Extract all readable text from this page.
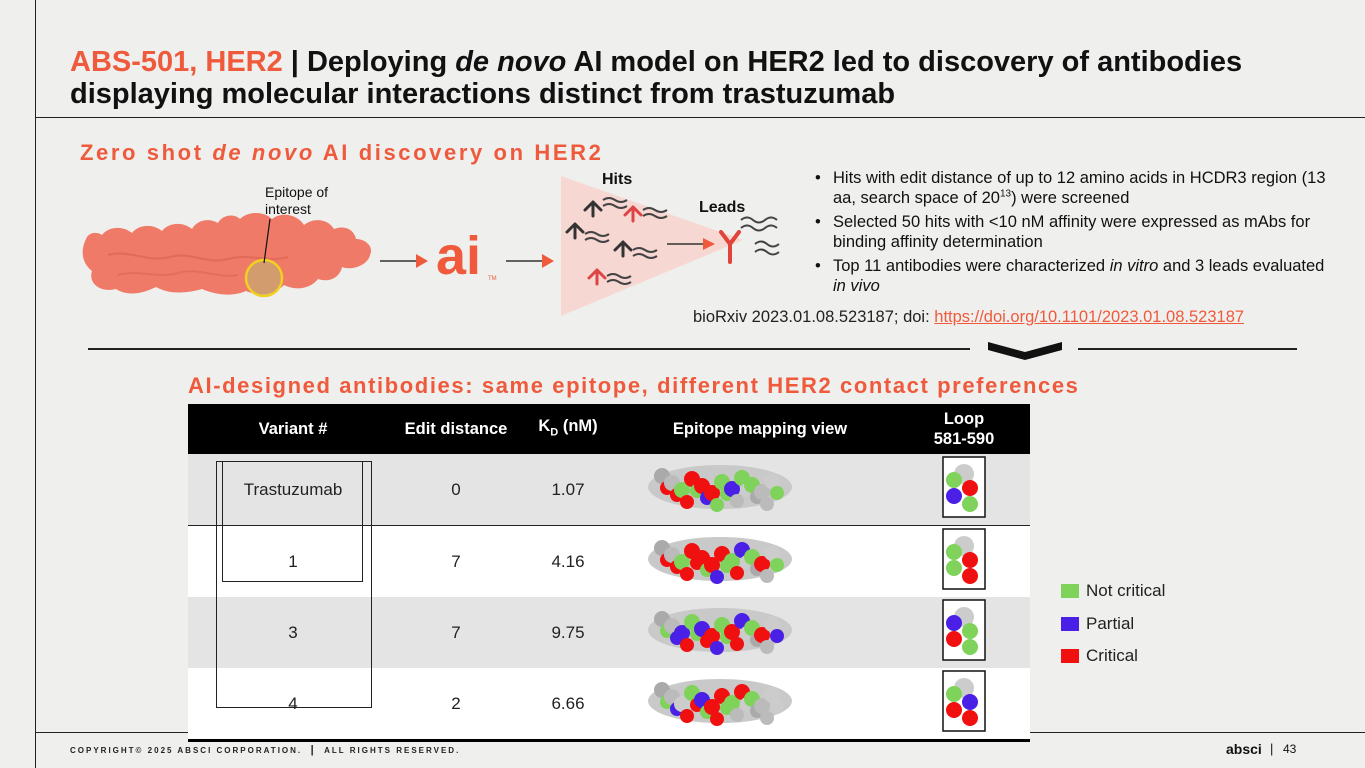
ABS-501, HER2 | Deploying de novo AI model on HER2 led to discovery of antibodies displaying molecular interactions distinct from trastuzumab
Zero shot de novo AI discovery on HER2
Epitope of interest
ai TM
Hits
Leads
• Hits with edit distance of up to 12 amino acids in HCDR3 region (13 aa, search space of $20^{13}$) were screened
• Selected 50 hits with <10 nM affinity were expressed as mAbs for binding affinity determination
• Top 11 antibodies were characterized in vitro and 3 leads evaluated in vivo
bioRxiv 2023.01.08.523187; doi: https://doi.org/10.1101/2023.01.08.523187
AI-designed antibodies: same epitope, different HER2 contact preferences
Variant #	Edit distance	$K_D$ (nM)	Epitope mapping view	Loop
581-590

Trastuzumab	0	1.07		
1	7	4.16		
3	7	9.75		
4	2	6.66		
Not critical
Partial
Critical
COPYRIGHT© 2025 ABSCI CORPORATION. | ALL RIGHTS RESERVED.	absci | 43
